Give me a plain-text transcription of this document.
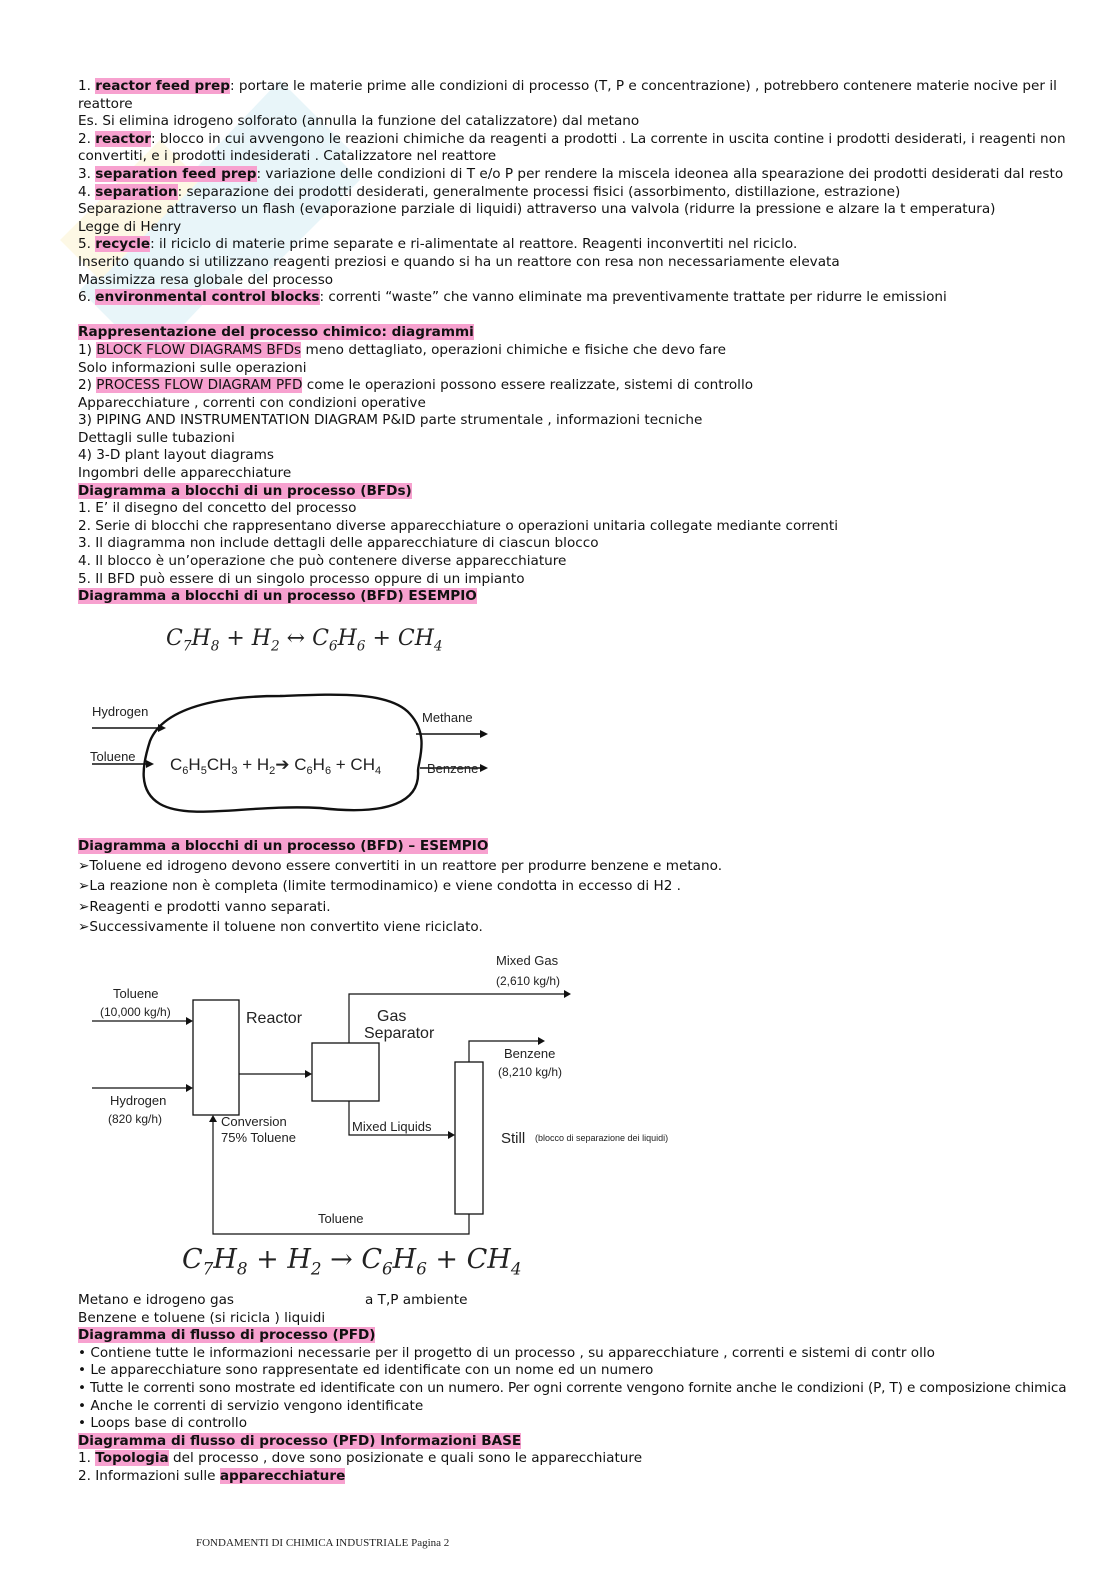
1. reactor feed prep: portare le materie prime alle condizioni di processo (T, P e concentrazione) , potrebbero contenere materie nocive per il
reattore
Es. Si elimina idrogeno solforato (annulla la funzione del catalizzatore) dal metano
2. reactor: blocco in cui avvengono le reazioni chimiche da reagenti a prodotti . La corrente in uscita contine i prodotti desiderati, i reagenti non
convertiti, e i prodotti indesiderati . Catalizzatore nel reattore
3. separation feed prep: variazione delle condizioni di T e/o P per rendere la miscela ideonea alla spearazione dei prodotti desiderati dal resto
4. separation: separazione dei prodotti desiderati, generalmente processi fisici (assorbimento, distillazione, estrazione)
Separazione attraverso un flash (evaporazione parziale di liquidi) attraverso una valvola (ridurre la pressione e alzare la t emperatura)
Legge di Henry
5. recycle: il riciclo di materie prime separate e ri-alimentate al reattore. Reagenti inconvertiti nel riciclo.
Inserito quando si utilizzano reagenti preziosi e quando si ha un reattore con resa non necessariamente elevata
Massimizza resa globale del processo
6. environmental control blocks: correnti “waste” che vanno eliminate ma preventivamente trattate per ridurre le emissioni
Rappresentazione del processo chimico: diagrammi
1) BLOCK FLOW DIAGRAMS BFDs meno dettagliato, operazioni chimiche e fisiche che devo fare
Solo informazioni sulle operazioni
2) PROCESS FLOW DIAGRAM PFD come le operazioni possono essere realizzate, sistemi di controllo
Apparecchiature , correnti con condizioni operative
3) PIPING AND INSTRUMENTATION DIAGRAM P&ID parte strumentale , informazioni tecniche
Dettagli sulle tubazioni
4) 3-D plant layout diagrams
Ingombri delle apparecchiature
Diagramma a blocchi di un processo (BFDs)
1. E’ il disegno del concetto del processo
2. Serie di blocchi che rappresentano diverse apparecchiature o operazioni unitaria collegate mediante correnti
3. Il diagramma non include dettagli delle apparecchiature di ciascun blocco
4. Il blocco è un’operazione che può contenere diverse apparecchiature
5. Il BFD può essere di un singolo processo oppure di un impianto
Diagramma a blocchi di un processo (BFD) ESEMPIO
$C_7H_8 + H_2$ ↔ $C_6H_6 + CH_4$
Hydrogen
Toluene
Methane
Benzene
$C_6H_5CH_3$ + $H_2➔$ $C_6H_6 + CH_4$
Diagramma a blocchi di un processo (BFD) – ESEMPIO
➢Toluene ed idrogeno devono essere convertiti in un reattore per produrre benzene e metano.
➢La reazione non è completa (limite termodinamico) e viene condotta in eccesso di H2 .
➢Reagenti e prodotti vanno separati.
➢Successivamente il toluene non convertito viene riciclato.
Toluene
(10,000 kg/h)
Hydrogen
(820 kg/h)
Reactor
Conversion
75% Toluene
Gas
Separator
Mixed Gas
(2,610 kg/h)
Benzene
(8,210 kg/h)
Mixed Liquids
Still (blocco di separazione dei liquidi)
Toluene
$C_7H_8 + H_2 \to C_6H_6 + CH_4$
Metano e idrogeno gas	a T,P ambiente
Benzene e toluene (si ricicla ) liquidi
Diagramma di flusso di processo (PFD)
• Contiene tutte le informazioni necessarie per il progetto di un processo , su apparecchiature , correnti e sistemi di contr ollo
• Le apparecchiature sono rappresentate ed identificate con un nome ed un numero
• Tutte le correnti sono mostrate ed identificate con un numero. Per ogni corrente vengono fornite anche le condizioni (P, T) e composizione chimica
• Anche le correnti di servizio vengono identificate
• Loops base di controllo
Diagramma di flusso di processo (PFD) Informazioni BASE
1. Topologia del processo , dove sono posizionate e quali sono le apparecchiature
2. Informazioni sulle apparecchiature
FONDAMENTI DI CHIMICA INDUSTRIALE Pagina 2
